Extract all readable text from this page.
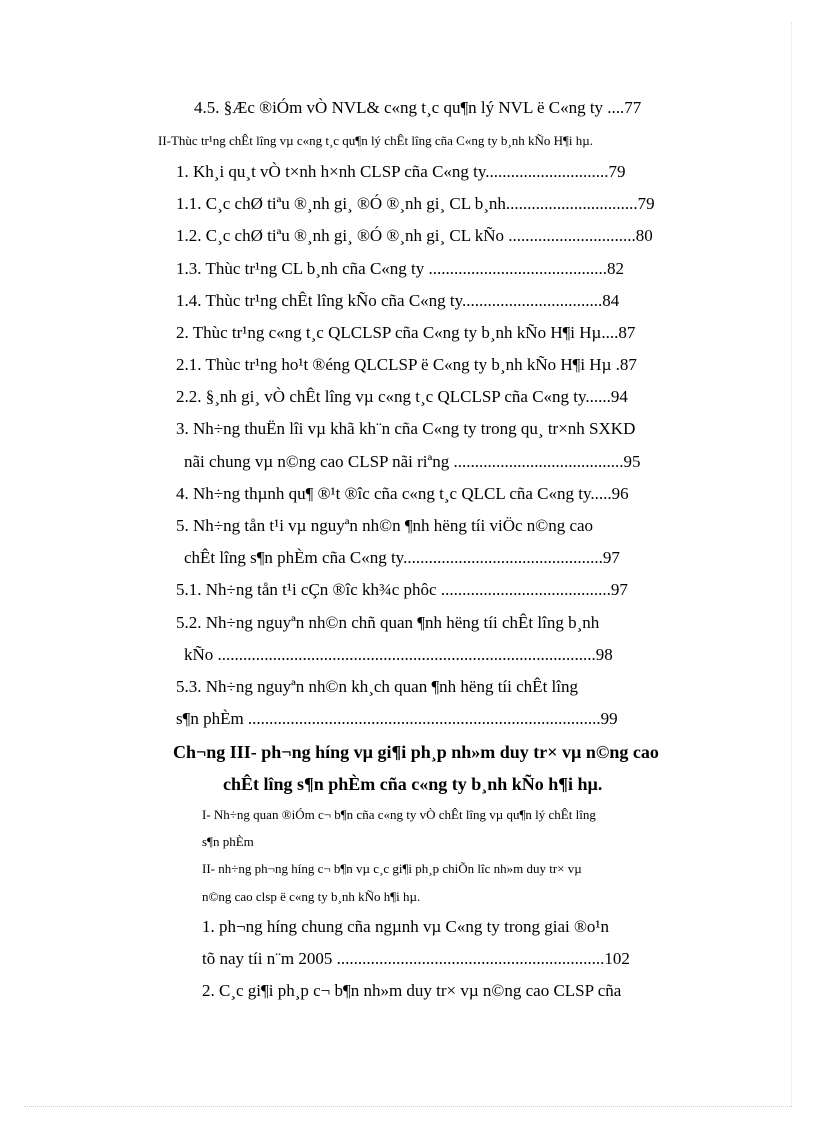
4.5. §Æc ®iÓm vÒ NVL& c«ng t¸c qu¶n lý NVL ë C«ng ty ....77
II-Thùc tr¹ng chÊt lîng vµ c«ng t¸c qu¶n lý chÊt lîng cña C«ng ty b¸nh kÑo H¶i hµ.
1. Kh¸i qu¸t vÒ t×nh h×nh CLSP cña C«ng ty.............................79
1.1. C¸c chØ tiªu ®¸nh gi¸ ®Ó ®¸nh gi¸ CL b¸nh...............................79
1.2. C¸c chØ tiªu ®¸nh gi¸ ®Ó ®¸nh gi¸ CL kÑo ..............................80
1.3. Thùc tr¹ng CL b¸nh cña C«ng ty ..........................................82
1.4. Thùc tr¹ng chÊt lîng kÑo cña C«ng ty.................................84
2. Thùc tr¹ng c«ng t¸c QLCLSP cña C«ng ty b¸nh kÑo H¶i Hµ....87
2.1. Thùc tr¹ng ho¹t ®éng QLCLSP ë C«ng ty b¸nh kÑo H¶i Hµ .87
2.2. §¸nh gi¸ vÒ chÊt lîng vµ c«ng t¸c QLCLSP cña C«ng ty......94
3. Nh÷ng thuËn lîi vµ khã kh¨n cña C«ng ty trong qu¸ tr×nh SXKD
nãi chung vµ n©ng cao CLSP nãi riªng ........................................95
4. Nh÷ng thµnh qu¶ ®¹t ®îc cña c«ng t¸c QLCL cña C«ng ty.....96
5. Nh÷ng tån t¹i vµ nguyªn nh©n ¶nh hëng tíi viÖc n©ng cao
chÊt lîng s¶n phÈm cña C«ng ty...............................................97
5.1. Nh÷ng tån t¹i cÇn ®îc kh¾c phôc ........................................97
5.2. Nh÷ng nguyªn nh©n chñ quan ¶nh hëng tíi chÊt lîng b¸nh
kÑo .........................................................................................98
5.3. Nh÷ng nguyªn nh©n kh¸ch quan ¶nh hëng tíi chÊt lîng
s¶n phÈm ...................................................................................99
Ch¬ng III- ph¬ng híng vµ gi¶i ph¸p nh»m duy tr× vµ n©ng cao
chÊt lîng s¶n phÈm cña c«ng ty b¸nh kÑo h¶i hµ.
I- Nh÷ng quan ®iÓm c¬ b¶n cña c«ng ty vÒ chÊt lîng vµ qu¶n lý chÊt lîng
s¶n phÈm
II- nh÷ng ph¬ng híng c¬ b¶n vµ c¸c gi¶i ph¸p chiÕn lîc nh»m duy tr× vµ
n©ng cao clsp ë c«ng ty b¸nh kÑo h¶i hµ.
1. ph¬ng híng chung cña ngµnh vµ C«ng ty trong giai ®o¹n
tõ nay tíi n¨m 2005 ...............................................................102
2. C¸c gi¶i ph¸p c¬ b¶n nh»m duy tr× vµ n©ng cao CLSP cña
